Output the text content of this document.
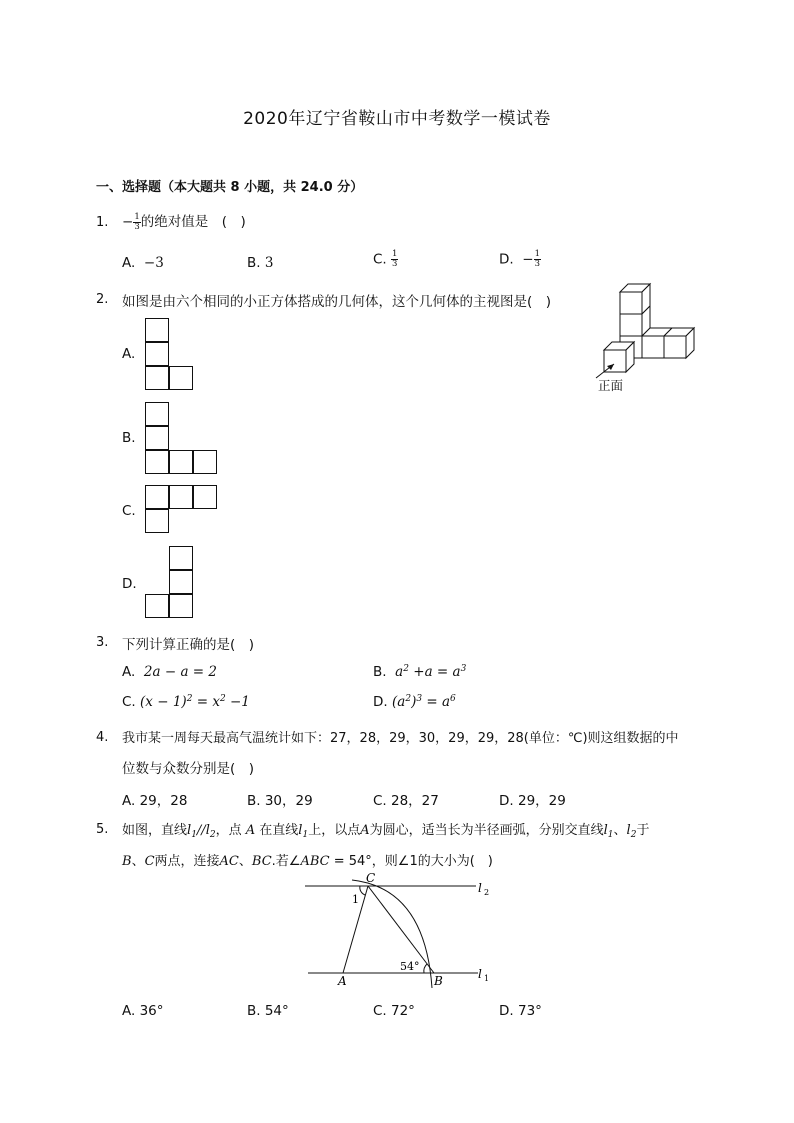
2020年辽宁省鞍山市中考数学一模试卷
一、选择题（本大题共 8 小题，共 24.0 分）
1. − $\frac{1}{3}$ 的绝对值是　(　)
A. −3	B. 3	C. $\frac{1}{3}$	D. − $\frac{1}{3}$
2. 如图是由六个相同的小正方体搭成的几何体，这个几何体的主视图是(　)
正面
A.
B.
C.
D.
3. 下列计算正确的是(　)
A. 2a − a = 2	B. $a^2 +a = a^3$
C. $(x - 1)^2 = x^2 -1$	D. $(a^2)^3 = a^6$
4. 我市某一周每天最高气温统计如下：27，28，29，30，29，29，28(单位：℃)则这组数据的中
位数与众数分别是(　)
A. 29，28	B. 30，29	C. 28，27	D. 29，29
5. 如图，直线$l_1//l_2$，点 A 在直线$l_1$上，以点A为圆心，适当长为半径画弧，分别交直线$l_1$、$l_2$于
B、C两点，连接AC、BC.若∠ABC = 54°，则∠1的大小为(　)
C
A	B
1
54°
l 2
l 1
A. 36°	B. 54°	C. 72°	D. 73°
